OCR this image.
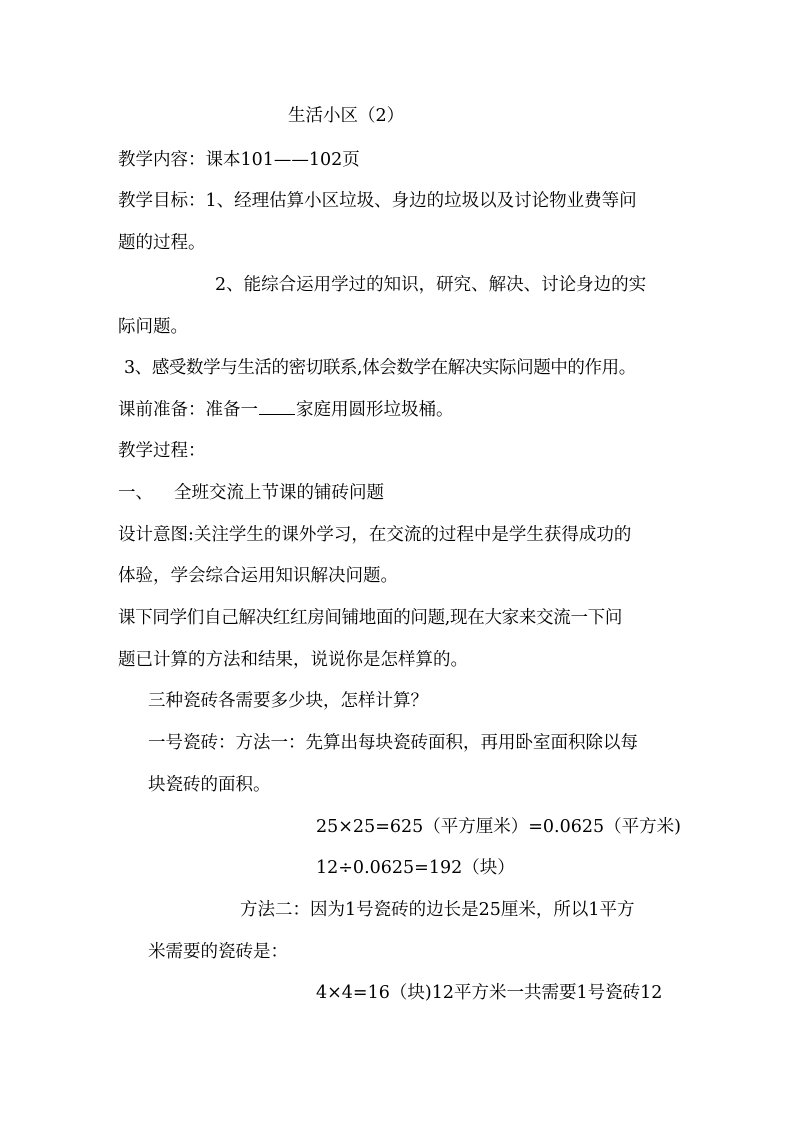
生活小区（2）
教学内容：课本101——102页
教学目标：1、经理估算小区垃圾、身边的垃圾以及讨论物业费等问
题的过程。
2、能综合运用学过的知识，研究、解决、讨论身边的实
际问题。
3、感受数学与生活的密切联系,体会数学在解决实际问题中的作用。
课前准备：准备一 家庭用圆形垃圾桶。
教学过程：
一、 全班交流上节课的铺砖问题
设计意图:关注学生的课外学习，在交流的过程中是学生获得成功的
体验，学会综合运用知识解决问题。
课下同学们自己解决红红房间铺地面的问题,现在大家来交流一下问
题已计算的方法和结果，说说你是怎样算的。
三种瓷砖各需要多少块，怎样计算？
一号瓷砖：方法一：先算出每块瓷砖面积，再用卧室面积除以每
块瓷砖的面积。
25×25=625（平方厘米）=0.0625（平方米)
12÷0.0625=192（块）
方法二：因为1号瓷砖的边长是25厘米，所以1平方
米需要的瓷砖是：
4×4=16（块)12平方米一共需要1号瓷砖12
